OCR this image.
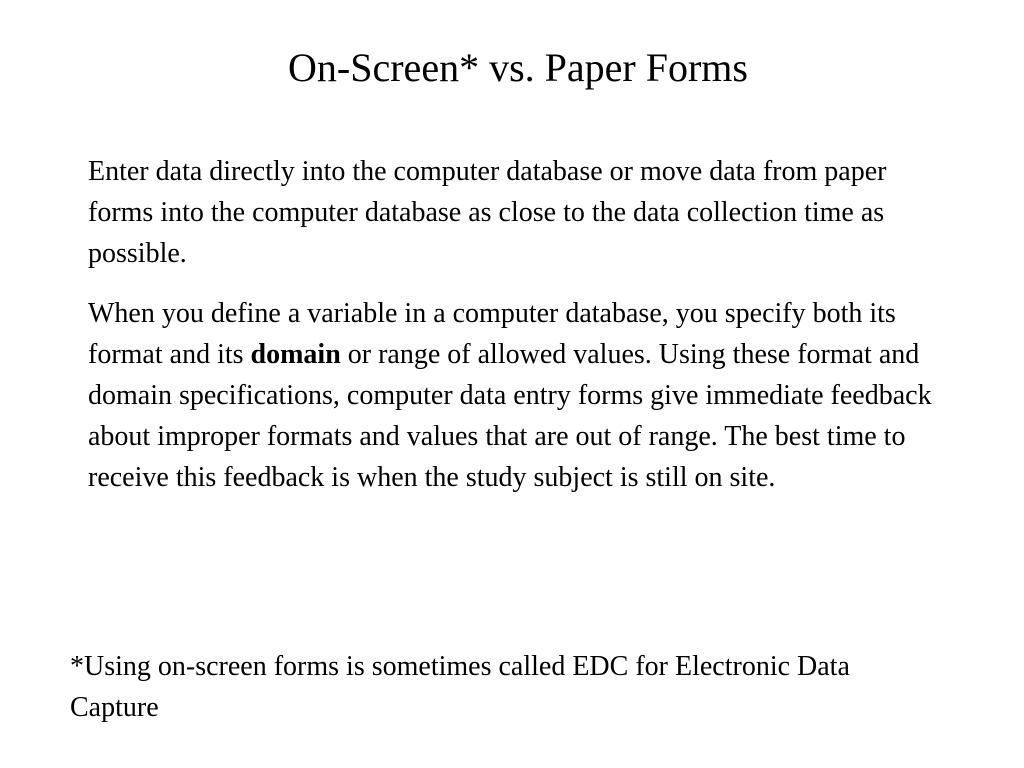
On-Screen* vs. Paper Forms

Enter data directly into the computer database or move data from paper forms into the computer database as close to the data collection time as possible.

When you define a variable in a computer database, you specify both its format and its domain or range of allowed values. Using these format and domain specifications, computer data entry forms give immediate feedback about improper formats and values that are out of range. The best time to receive this feedback is when the study subject is still on site.

*Using on-screen forms is sometimes called EDC for Electronic Data Capture
